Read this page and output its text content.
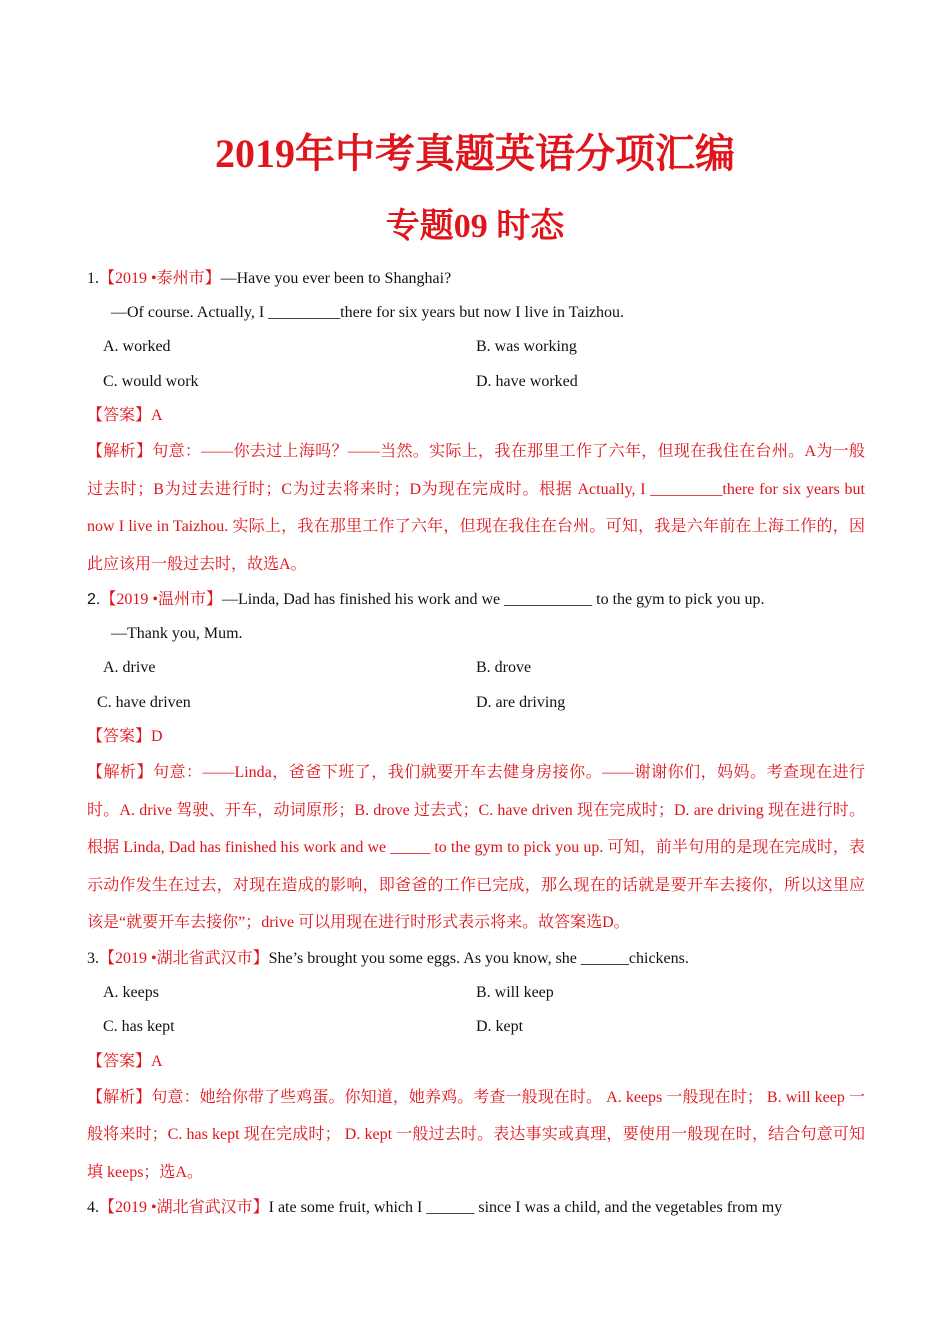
2019年中考真题英语分项汇编
专题09 时态
1.【2019 •泰州市】—Have you ever been to Shanghai?
—Of course. Actually, I _________there for six years but now I live in Taizhou.
A. worked	B. was working
C. would work	D. have worked
【答案】A
【解析】句意：——你去过上海吗？——当然。实际上，我在那里工作了六年，但现在我住在台州。A为一般过去时；B为过去进行时；C为过去将来时；D为现在完成时。根据 Actually, I _________there for six years but now I live in Taizhou. 实际上，我在那里工作了六年，但现在我住在台州。可知，我是六年前在上海工作的，因此应该用一般过去时，故选A。
2.【2019 •温州市】—Linda, Dad has finished his work and we ___________ to the gym to pick you up.
—Thank you, Mum.
A. drive	B. drove
C. have driven	D. are driving
【答案】D
【解析】句意：——Linda，爸爸下班了，我们就要开车去健身房接你。——谢谢你们，妈妈。考查现在进行时。A. drive 驾驶、开车，动词原形；B. drove 过去式；C. have driven 现在完成时；D. are driving 现在进行时。根据 Linda, Dad has finished his work and we _____ to the gym to pick you up. 可知，前半句用的是现在完成时，表示动作发生在过去，对现在造成的影响，即爸爸的工作已完成，那么现在的话就是要开车去接你，所以这里应该是“就要开车去接你”；drive 可以用现在进行时形式表示将来。故答案选D。
3.【2019 •湖北省武汉市】She’s brought you some eggs. As you know, she ______chickens.
A. keeps	B. will keep
C. has kept	D. kept
【答案】A
【解析】句意：她给你带了些鸡蛋。你知道，她养鸡。考查一般现在时。 A. keeps 一般现在时； B. will keep 一般将来时；C. has kept 现在完成时； D. kept 一般过去时。表达事实或真理，要使用一般现在时，结合句意可知填 keeps；选A。
4.【2019 •湖北省武汉市】I ate some fruit, which I ______ since I was a child, and the vegetables from my
